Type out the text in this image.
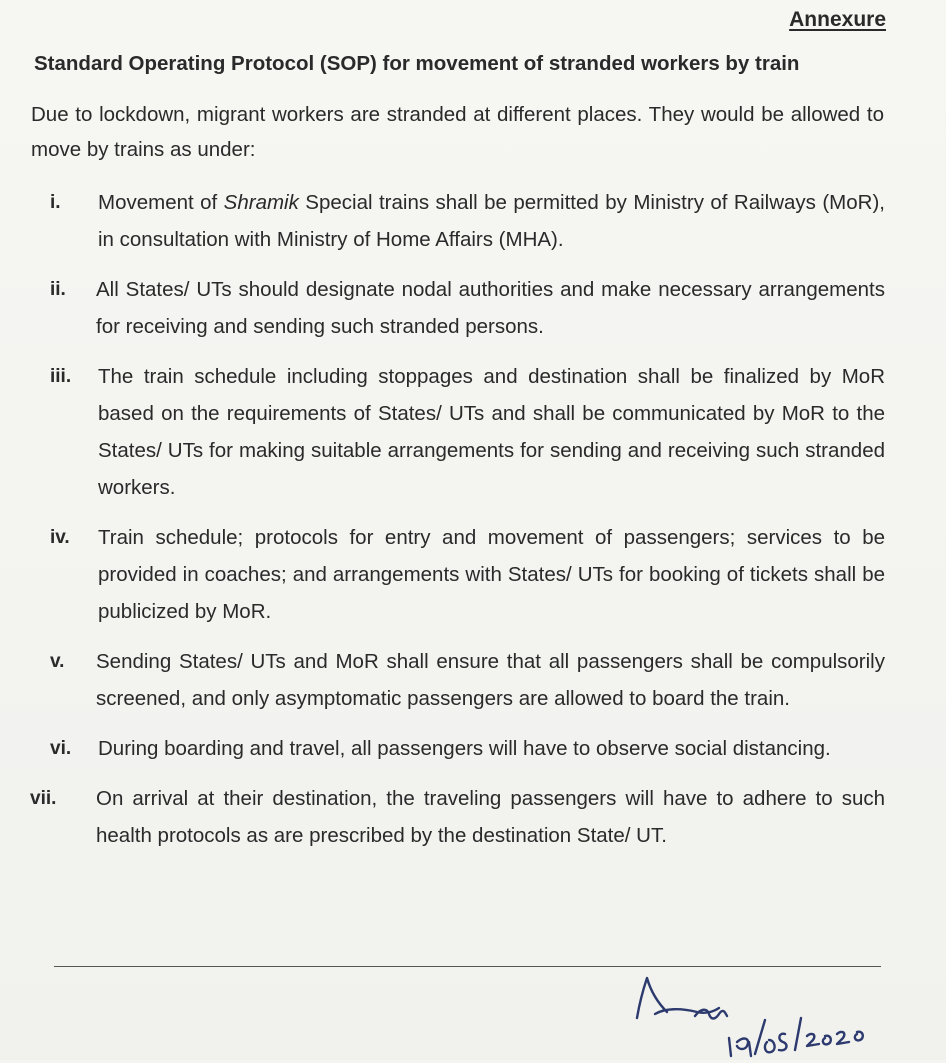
Annexure
Standard Operating Protocol (SOP) for movement of stranded workers by train
Due to lockdown, migrant workers are stranded at different places. They would be allowed to move by trains as under:
i. Movement of Shramik Special trains shall be permitted by Ministry of Railways (MoR), in consultation with Ministry of Home Affairs (MHA).
ii. All States/ UTs should designate nodal authorities and make necessary arrangements for receiving and sending such stranded persons.
iii. The train schedule including stoppages and destination shall be finalized by MoR based on the requirements of States/ UTs and shall be communicated by MoR to the States/ UTs for making suitable arrangements for sending and receiving such stranded workers.
iv. Train schedule; protocols for entry and movement of passengers; services to be provided in coaches; and arrangements with States/ UTs for booking of tickets shall be publicized by MoR.
v. Sending States/ UTs and MoR shall ensure that all passengers shall be compulsorily screened, and only asymptomatic passengers are allowed to board the train.
vi. During boarding and travel, all passengers will have to observe social distancing.
vii. On arrival at their destination, the traveling passengers will have to adhere to such health protocols as are prescribed by the destination State/ UT.
